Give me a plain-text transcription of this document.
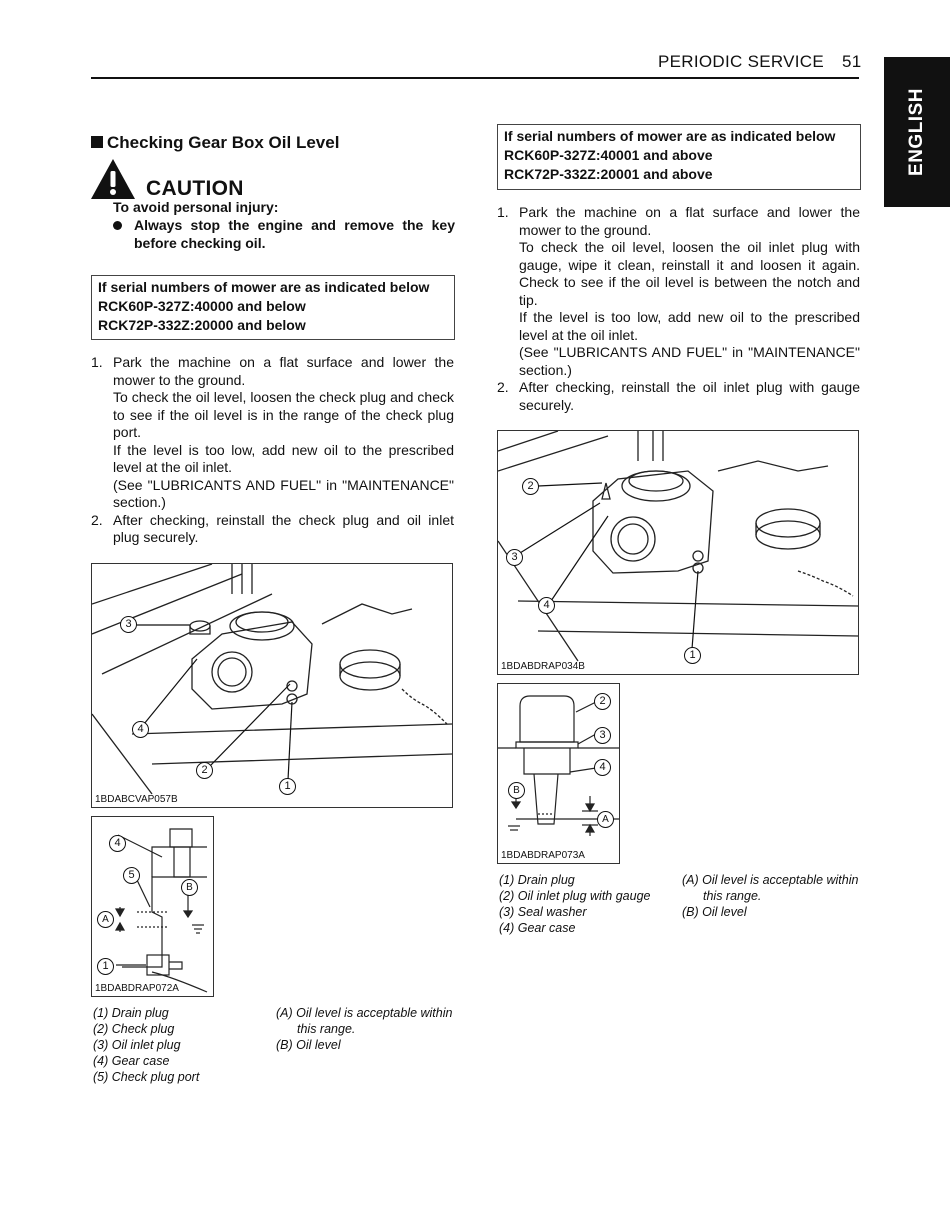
PERIODIC SERVICE 51
ENGLISH
Checking Gear Box Oil Level
CAUTION
To avoid personal injury:
Always stop the engine and remove the key before checking oil.
If serial numbers of mower are as indicated below
RCK60P-327Z:40000 and below
RCK72P-332Z:20000 and below
1. Park the machine on a flat surface and lower the mower to the ground.

To check the oil level, loosen the check plug and check to see if the oil level is in the range of the check plug port.

If the level is too low, add new oil to the prescribed level at the oil inlet.

(See "LUBRICANTS AND FUEL" in "MAINTENANCE" section.)

2. After checking, reinstall the check plug and oil inlet plug securely.

3
4
2
1
1BDABCVAP057B
4
5
B
A
1
1BDABDRAP072A
(1) Drain plug
(2) Check plug
(3) Oil inlet plug
(4) Gear case
(5) Check plug port
(A) Oil level is acceptable within
this range.
(B) Oil level
If serial numbers of mower are as indicated below
RCK60P-327Z:40001 and above
RCK72P-332Z:20001 and above
1. Park the machine on a flat surface and lower the mower to the ground.

To check the oil level, loosen the oil inlet plug with gauge, wipe it clean, reinstall it and loosen it again. Check to see if the oil level is between the notch and tip.

If the level is too low, add new oil to the prescribed level at the oil inlet.

(See "LUBRICANTS AND FUEL" in "MAINTENANCE" section.)

2. After checking, reinstall the oil inlet plug with gauge securely.

2
3
4
1
1BDABDRAP034B
2
3
4
B
A
1BDABDRAP073A
(1) Drain plug
(2) Oil inlet plug with gauge
(3) Seal washer
(4) Gear case
(A) Oil level is acceptable within
this range.
(B) Oil level
